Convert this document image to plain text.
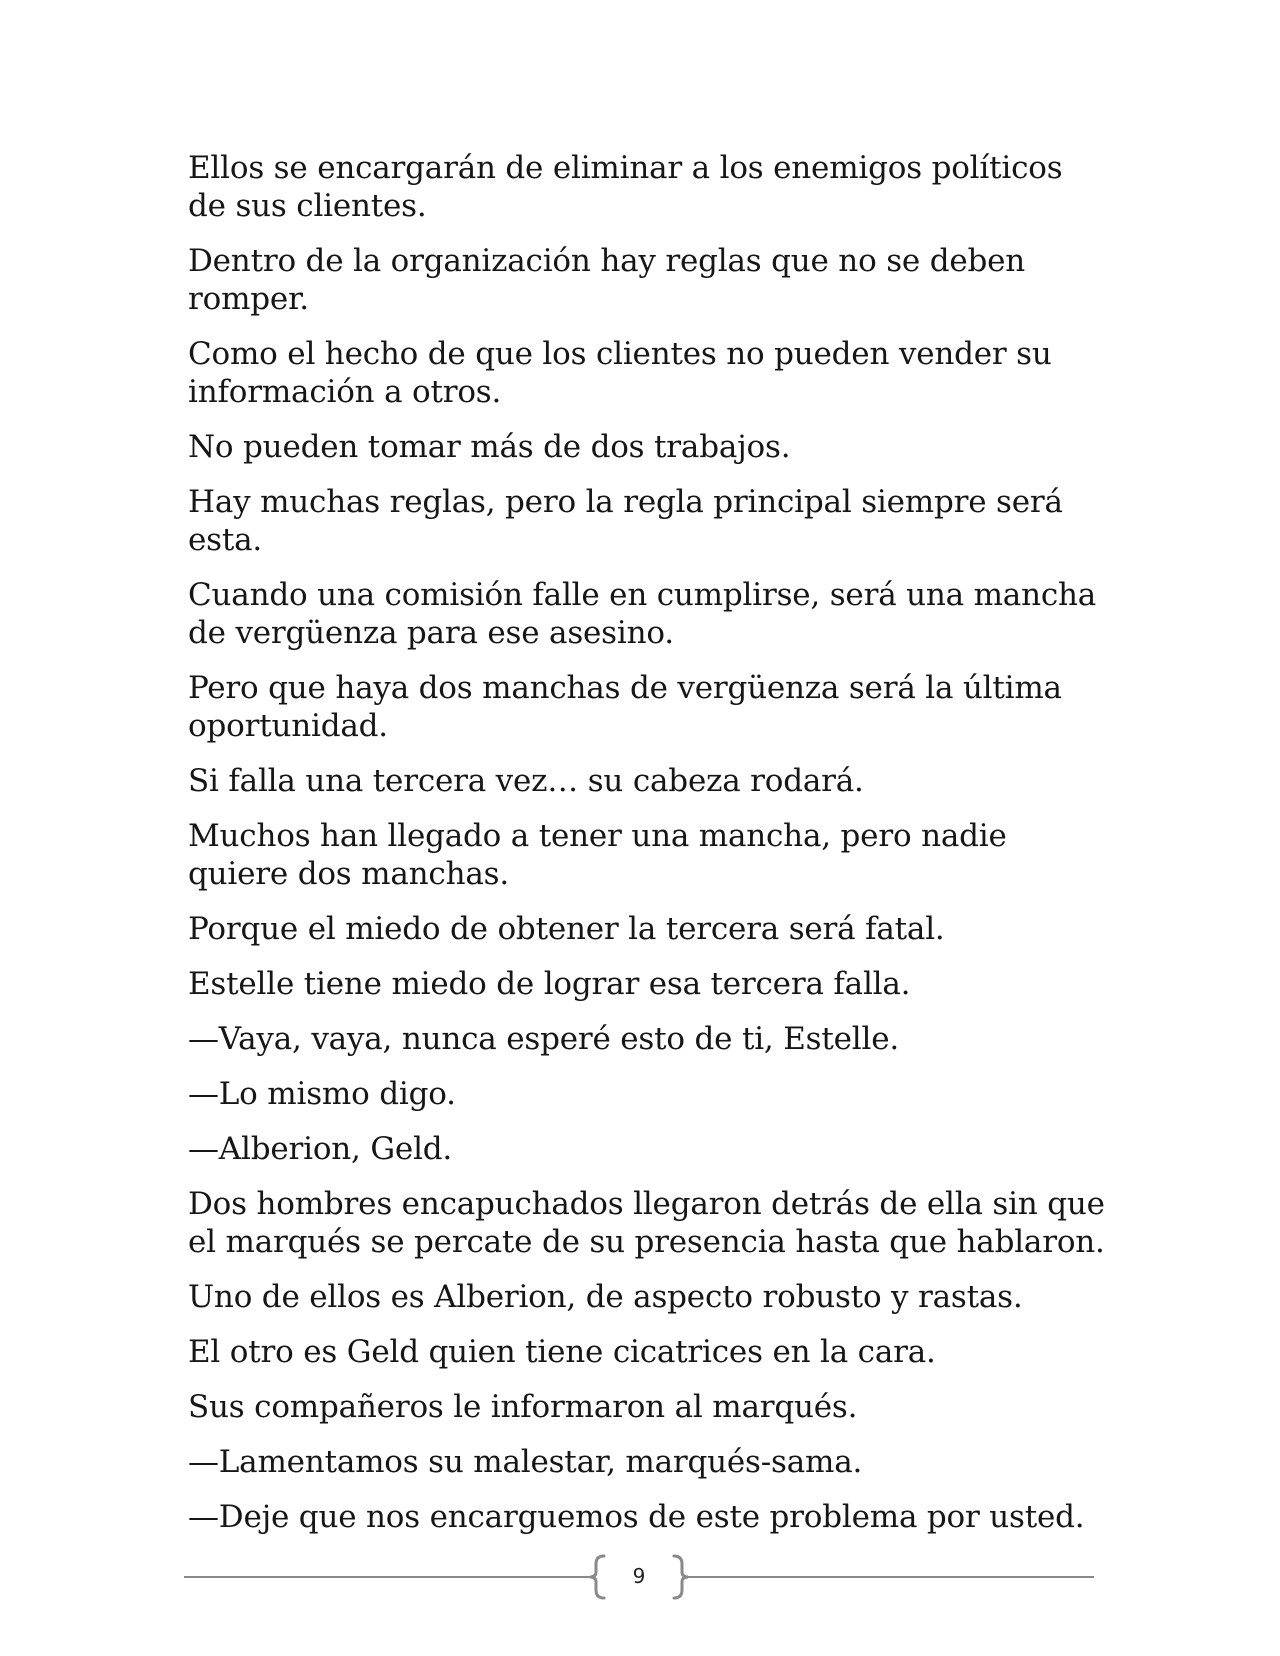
Ellos se encargarán de eliminar a los enemigos políticos de sus clientes.

Dentro de la organización hay reglas que no se deben romper.

Como el hecho de que los clientes no pueden vender su información a otros.

No pueden tomar más de dos trabajos.

Hay muchas reglas, pero la regla principal siempre será esta.

Cuando una comisión falle en cumplirse, será una mancha de vergüenza para ese asesino.

Pero que haya dos manchas de vergüenza será la última oportunidad.

Si falla una tercera vez… su cabeza rodará.

Muchos han llegado a tener una mancha, pero nadie quiere dos manchas.

Porque el miedo de obtener la tercera será fatal.

Estelle tiene miedo de lograr esa tercera falla.

—Vaya, vaya, nunca esperé esto de ti, Estelle.

—Lo mismo digo.

—Alberion, Geld.

Dos hombres encapuchados llegaron detrás de ella sin que el marqués se percate de su presencia hasta que hablaron.

Uno de ellos es Alberion, de aspecto robusto y rastas.

El otro es Geld quien tiene cicatrices en la cara.

Sus compañeros le informaron al marqués.

—Lamentamos su malestar, marqués-sama.

—Deje que nos encarguemos de este problema por usted.

9
